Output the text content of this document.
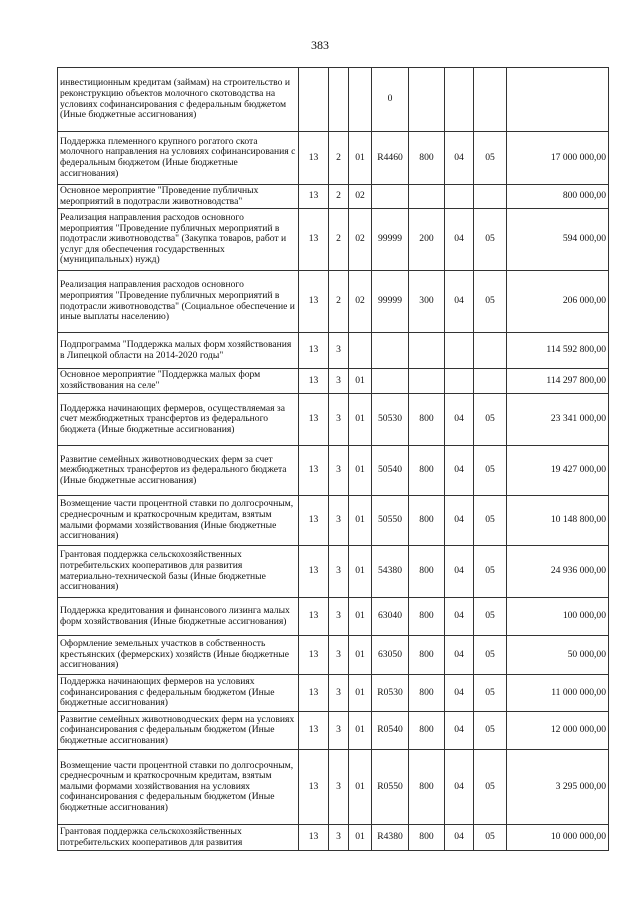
383
инвестиционным кредитам (займам) на строительство и реконструкцию объектов молочного скотоводства на условиях софинансирования с федеральным бюджетом (Иные бюджетные ассигнования)				0				
Поддержка племенного крупного рогатого скота молочного направления на условиях софинансирования с федеральным бюджетом (Иные бюджетные ассигнования)	13	2	01	R4460	800	04	05	17 000 000,00
Основное мероприятие "Проведение публичных мероприятий в подотрасли животноводства"	13	2	02					800 000,00
Реализация направления расходов основного мероприятия "Проведение публичных мероприятий в подотрасли животноводства" (Закупка товаров, работ и услуг для обеспечения государственных (муниципальных) нужд)	13	2	02	99999	200	04	05	594 000,00
Реализация направления расходов основного мероприятия "Проведение публичных мероприятий в подотрасли животноводства" (Социальное обеспечение и иные выплаты населению)	13	2	02	99999	300	04	05	206 000,00
Подпрограмма "Поддержка малых форм хозяйствования в Липецкой области на 2014-2020 годы"	13	3						114 592 800,00
Основное мероприятие "Поддержка малых форм хозяйствования на селе"	13	3	01					114 297 800,00
Поддержка начинающих фермеров, осуществляемая за счет межбюджетных трансфертов из федерального бюджета (Иные бюджетные ассигнования)	13	3	01	50530	800	04	05	23 341 000,00
Развитие семейных животноводческих ферм за счет межбюджетных трансфертов из федерального бюджета (Иные бюджетные ассигнования)	13	3	01	50540	800	04	05	19 427 000,00
Возмещение части процентной ставки по долгосрочным, среднесрочным и краткосрочным кредитам, взятым малыми формами хозяйствования (Иные бюджетные ассигнования)	13	3	01	50550	800	04	05	10 148 800,00
Грантовая поддержка сельскохозяйственных потребительских кооперативов для развития материально-технической базы (Иные бюджетные ассигнования)	13	3	01	54380	800	04	05	24 936 000,00
Поддержка кредитования и финансового лизинга малых форм хозяйствования (Иные бюджетные ассигнования)	13	3	01	63040	800	04	05	100 000,00
Оформление земельных участков в собственность крестьянских (фермерских) хозяйств (Иные бюджетные ассигнования)	13	3	01	63050	800	04	05	50 000,00
Поддержка начинающих фермеров на условиях софинансирования с федеральным бюджетом (Иные бюджетные ассигнования)	13	3	01	R0530	800	04	05	11 000 000,00
Развитие семейных животноводческих ферм на условиях софинансирования с федеральным бюджетом (Иные бюджетные ассигнования)	13	3	01	R0540	800	04	05	12 000 000,00
Возмещение части процентной ставки по долгосрочным, среднесрочным и краткосрочным кредитам, взятым малыми формами хозяйствования на условиях софинансирования с федеральным бюджетом (Иные бюджетные ассигнования)	13	3	01	R0550	800	04	05	3 295 000,00
Грантовая поддержка сельскохозяйственных потребительских кооперативов для развития	13	3	01	R4380	800	04	05	10 000 000,00
